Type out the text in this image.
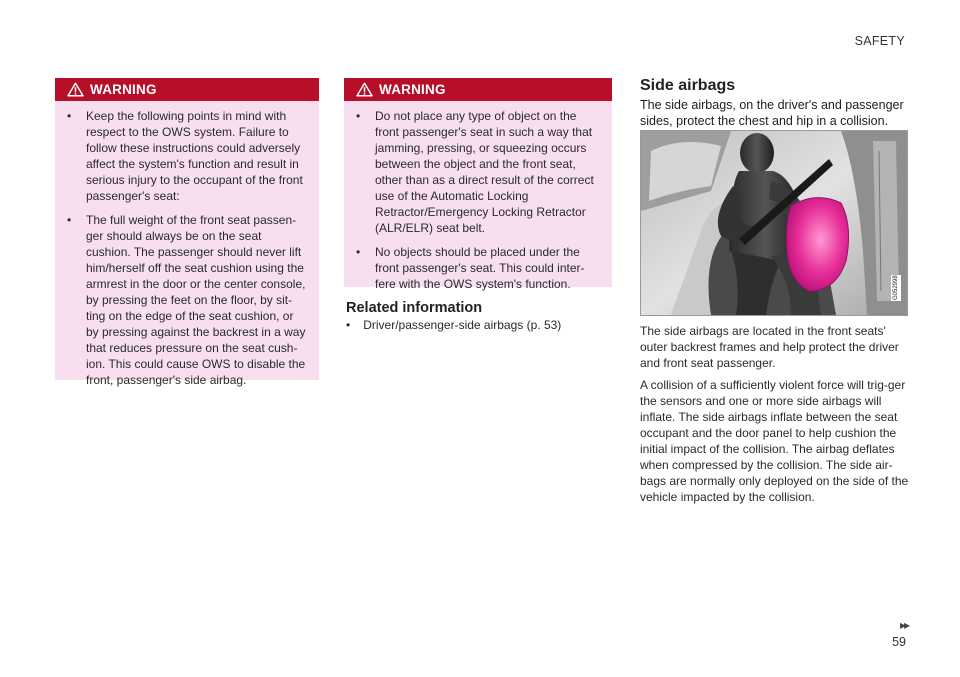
SAFETY
WARNING
• Keep the following points in mind with respect to the OWS system. Failure to follow these instructions could adversely affect the system's function and result in serious injury to the occupant of the front passenger's seat:
• The full weight of the front seat passen-ger should always be on the seat cushion. The passenger should never lift him/herself off the seat cushion using the armrest in the door or the center console, by pressing the feet on the floor, by sit-ting on the edge of the seat cushion, or by pressing against the backrest in a way that reduces pressure on the seat cush-ion. This could cause OWS to disable the front, passenger's side airbag.
WARNING
• Do not place any type of object on the front passenger's seat in such a way that jamming, pressing, or squeezing occurs between the object and the front seat, other than as a direct result of the correct use of the Automatic Locking Retractor/Emergency Locking Retractor (ALR/ELR) seat belt.
• No objects should be placed under the front passenger's seat. This could inter-fere with the OWS system's function.
Related information
• Driver/passenger-side airbags (p. 53)
Side airbags
The side airbags, on the driver's and passenger sides, protect the chest and hip in a collision.
G052998

The side airbags are located in the front seats' outer backrest frames and help protect the driver and front seat passenger.

A collision of a sufficiently violent force will trig-ger the sensors and one or more side airbags will inflate. The side airbags inflate between the seat occupant and the door panel to help cushion the initial impact of the collision. The airbag deflates when compressed by the collision. The side air-bags are normally only deployed on the side of the vehicle impacted by the collision.

▸▸
59
